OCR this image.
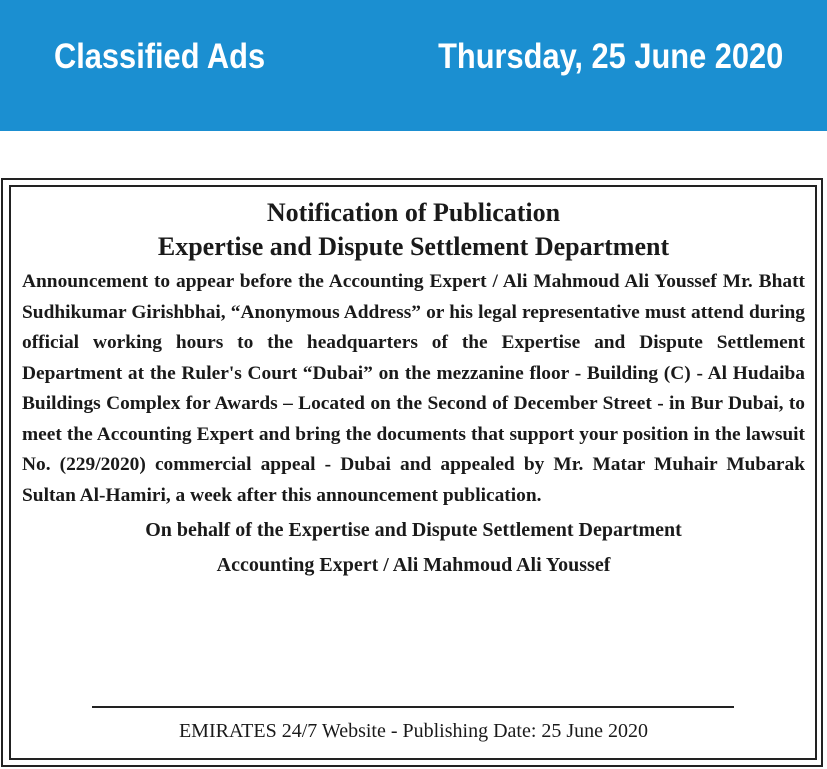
Classified Ads	Thursday, 25 June 2020

Notification of Publication

Expertise and Dispute Settlement Department

Announcement to appear before the Accounting Expert / Ali Mahmoud Ali Youssef Mr. Bhatt Sudhikumar Girishbhai, “Anonymous Address” or his legal representative must attend during official working hours to the headquarters of the Expertise and Dispute Settlement Department at the Ruler's Court “Dubai” on the mezzanine floor - Building (C) - Al Hudaiba Buildings Complex for Awards – Located on the Second of December Street - in Bur Dubai, to meet the Accounting Expert and bring the documents that support your position in the lawsuit No. (229/2020) commercial appeal - Dubai and appealed by Mr. Matar Muhair Mubarak Sultan Al-Hamiri, a week after this announcement publication.

On behalf of the Expertise and Dispute Settlement Department

Accounting Expert / Ali Mahmoud Ali Youssef

EMIRATES 24/7 Website - Publishing Date: 25 June 2020
